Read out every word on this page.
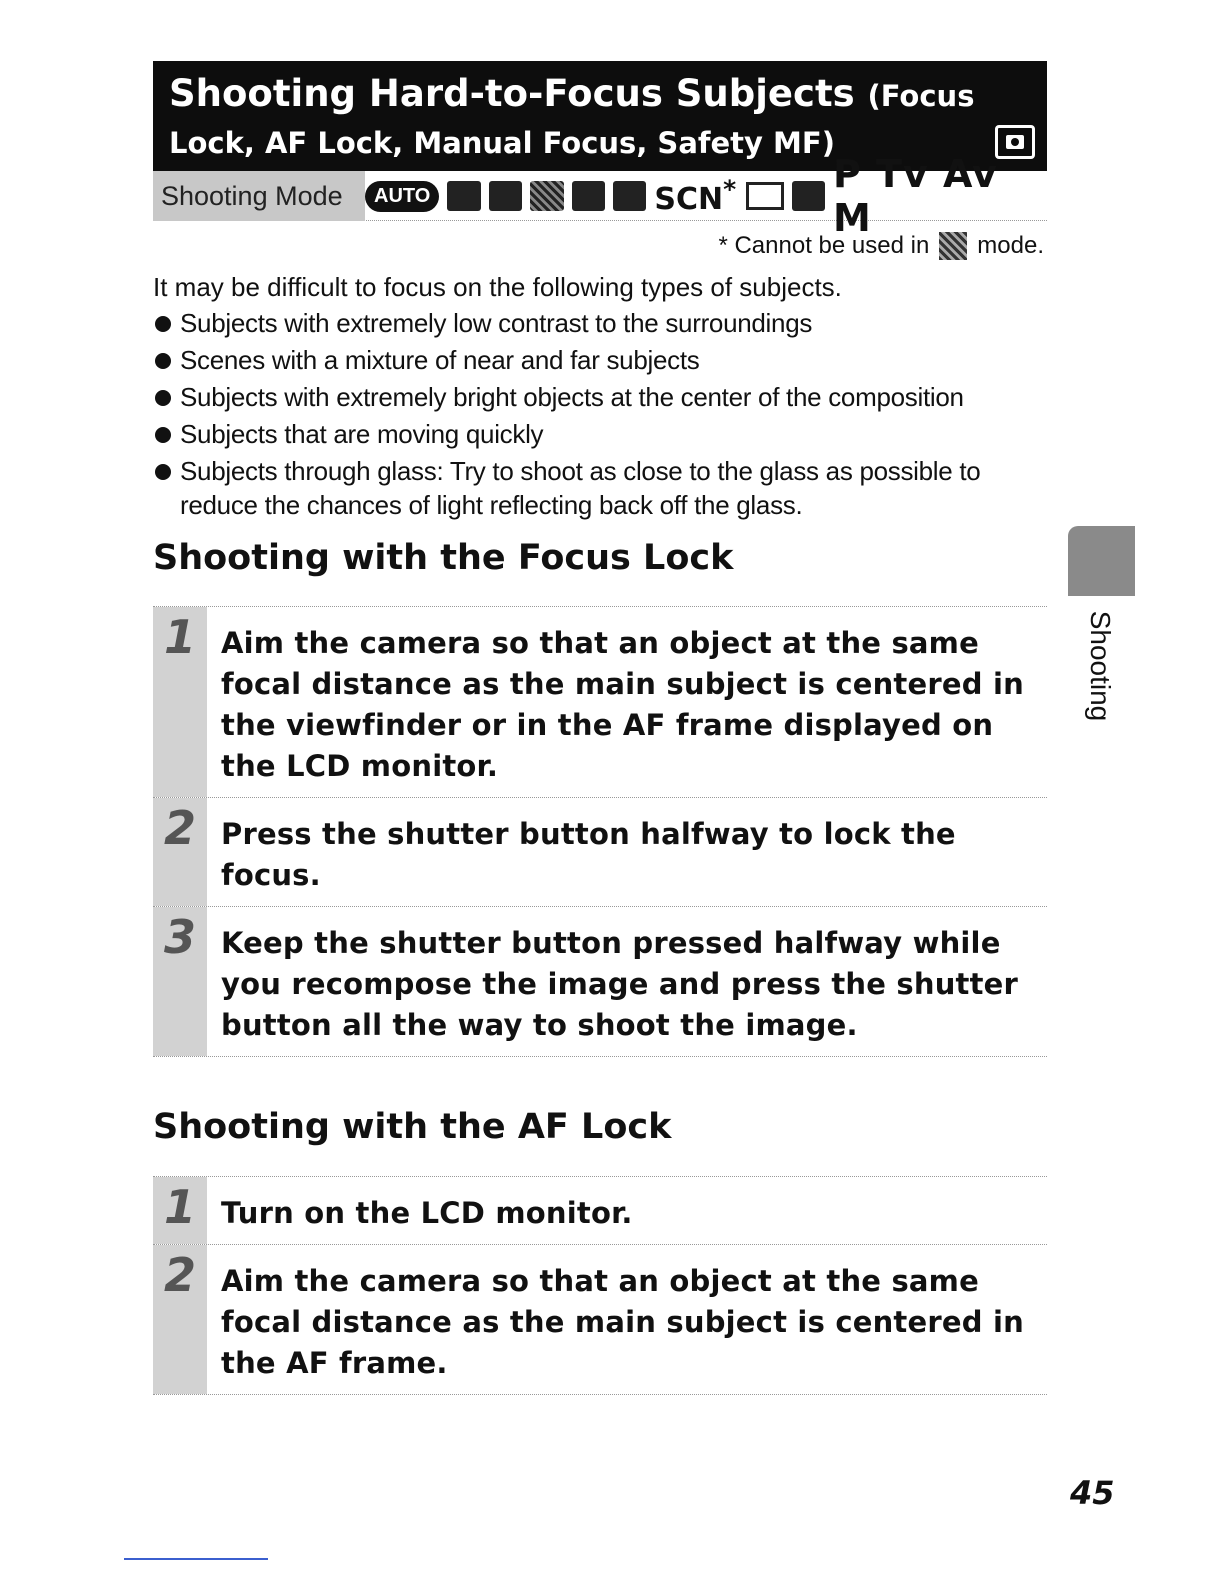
Shooting Hard-to-Focus Subjects (Focus
Lock, AF Lock, Manual Focus, Safety MF)
Shooting Mode	AUTO	SCN*	P Tv Av M
* Cannot be used in mode.

It may be difficult to focus on the following types of subjects.

Subjects with extremely low contrast to the surroundings
Scenes with a mixture of near and far subjects
Subjects with extremely bright objects at the center of the composition
Subjects that are moving quickly
Subjects through glass: Try to shoot as close to the glass as possible to reduce the chances of light reflecting back off the glass.
Shooting with the Focus Lock
1 Aim the camera so that an object at the same focal distance as the main subject is centered in the viewfinder or in the AF frame displayed on the LCD monitor.
2 Press the shutter button halfway to lock the focus.
3 Keep the shutter button pressed halfway while you recompose the image and press the shutter button all the way to shoot the image.
Shooting with the AF Lock
1 Turn on the LCD monitor.
2 Aim the camera so that an object at the same focal distance as the main subject is centered in the AF frame.
Shooting
45
